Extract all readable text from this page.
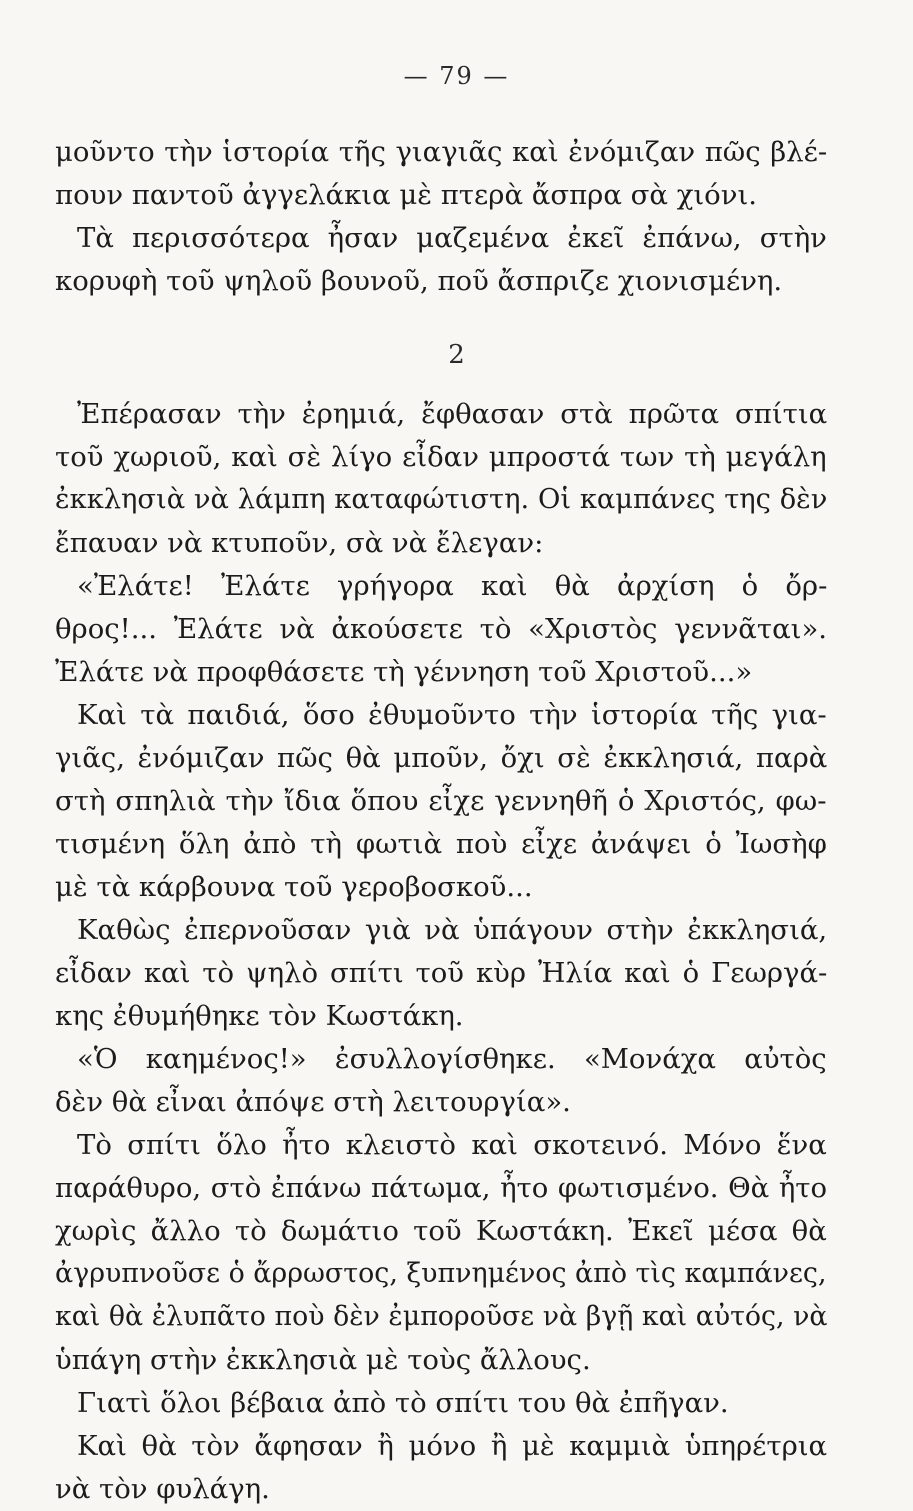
— 79 —
μοῦντο τὴν ἱστορία τῆς γιαγιᾶς καὶ ἐνόμιζαν πῶς βλέ-
πουν παντοῦ ἀγγελάκια μὲ πτερὰ ἄσπρα σὰ χιόνι.
Τὰ περισσότερα ἦσαν μαζεμένα ἐκεῖ ἐπάνω, στὴν
κορυφὴ τοῦ ψηλοῦ βουνοῦ, ποῦ ἄσπριζε χιονισμένη.
2
Ἐπέρασαν τὴν ἐρημιά, ἔφθασαν στὰ πρῶτα σπίτια
τοῦ χωριοῦ, καὶ σὲ λίγο εἶδαν μπροστά των τὴ μεγάλη
ἐκκλησιὰ νὰ λάμπη καταφώτιστη. Οἱ καμπάνες της δὲν
ἔπαυαν νὰ κτυποῦν, σὰ νὰ ἔλεγαν:
«Ἐλάτε! Ἐλάτε γρήγορα καὶ θὰ ἀρχίση ὁ ὄρ-
θρος!... Ἐλάτε νὰ ἀκούσετε τὸ «Χριστὸς γεννᾶται».
Ἐλάτε νὰ προφθάσετε τὴ γέννηση τοῦ Χριστοῦ...»
Καὶ τὰ παιδιά, ὅσο ἐθυμοῦντο τὴν ἱστορία τῆς για-
γιᾶς, ἐνόμιζαν πῶς θὰ μποῦν, ὄχι σὲ ἐκκλησιά, παρὰ
στὴ σπηλιὰ τὴν ἴδια ὅπου εἶχε γεννηθῆ ὁ Χριστός, φω-
τισμένη ὅλη ἀπὸ τὴ φωτιὰ ποὺ εἶχε ἀνάψει ὁ Ἰωσὴφ
μὲ τὰ κάρβουνα τοῦ γεροβοσκοῦ...
Καθὼς ἐπερνοῦσαν γιὰ νὰ ὑπάγουν στὴν ἐκκλησιά,
εἶδαν καὶ τὸ ψηλὸ σπίτι τοῦ κὺρ Ἠλία καὶ ὁ Γεωργά-
κης ἐθυμήθηκε τὸν Κωστάκη.
«Ὁ καημένος!» ἐσυλλογίσθηκε. «Μονάχα αὐτὸς
δὲν θὰ εἶναι ἀπόψε στὴ λειτουργία».
Τὸ σπίτι ὅλο ἦτο κλειστὸ καὶ σκοτεινό. Μόνο ἕνα
παράθυρο, στὸ ἐπάνω πάτωμα, ἦτο φωτισμένο. Θὰ ἦτο
χωρὶς ἄλλο τὸ δωμάτιο τοῦ Κωστάκη. Ἐκεῖ μέσα θὰ
ἀγρυπνοῦσε ὁ ἄρρωστος, ξυπνημένος ἀπὸ τὶς καμπάνες,
καὶ θὰ ἐλυπᾶτο ποὺ δὲν ἐμποροῦσε νὰ βγῇ καὶ αὐτός, νὰ
ὑπάγη στὴν ἐκκλησιὰ μὲ τοὺς ἄλλους.
Γιατὶ ὅλοι βέβαια ἀπὸ τὸ σπίτι του θὰ ἐπῆγαν.
Καὶ θὰ τὸν ἄφησαν ἢ μόνο ἢ μὲ καμμιὰ ὑπηρέτρια
νὰ τὸν φυλάγη.
